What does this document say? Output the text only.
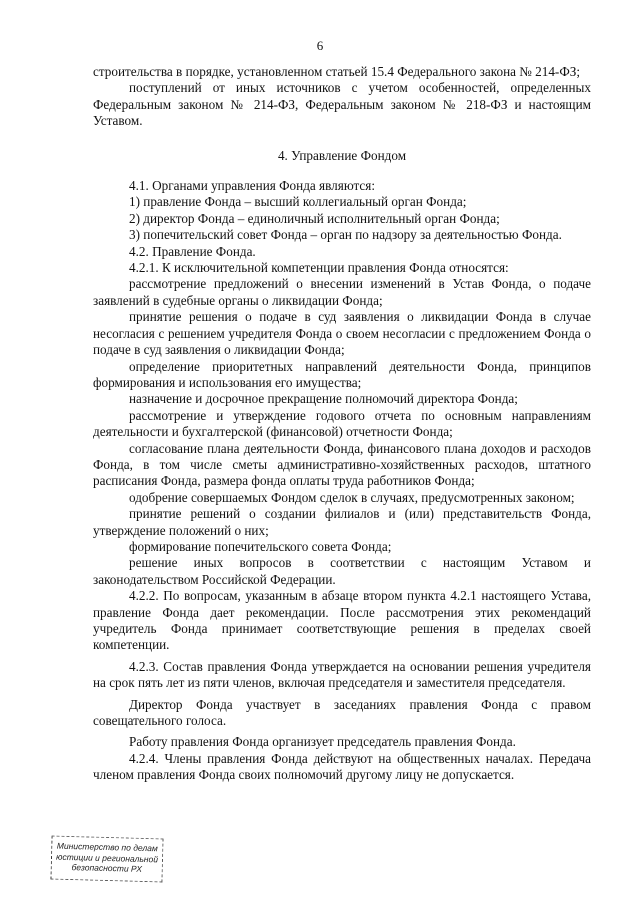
6

строительства в порядке, установленном статьей 15.4 Федерального закона № 214-ФЗ;

поступлений от иных источников с учетом особенностей, определенных Федеральным законом № 214-ФЗ, Федеральным законом № 218-ФЗ и настоящим Уставом.

4. Управление Фондом

4.1. Органами управления Фонда являются:

1) правление Фонда – высший коллегиальный орган Фонда;

2) директор Фонда – единоличный исполнительный орган Фонда;

3) попечительский совет Фонда – орган по надзору за деятельностью Фонда.

4.2. Правление Фонда.

4.2.1. К исключительной компетенции правления Фонда относятся:

рассмотрение предложений о внесении изменений в Устав Фонда, о подаче заявлений в судебные органы о ликвидации Фонда;

принятие решения о подаче в суд заявления о ликвидации Фонда в случае несогласия с решением учредителя Фонда о своем несогласии с предложением Фонда о подаче в суд заявления о ликвидации Фонда;

определение приоритетных направлений деятельности Фонда, принципов формирования и использования его имущества;

назначение и досрочное прекращение полномочий директора Фонда;

рассмотрение и утверждение годового отчета по основным направлениям деятельности и бухгалтерской (финансовой) отчетности Фонда;

согласование плана деятельности Фонда, финансового плана доходов и расходов Фонда, в том числе сметы административно-хозяйственных расходов, штатного расписания Фонда, размера фонда оплаты труда работников Фонда;

одобрение совершаемых Фондом сделок в случаях, предусмотренных законом;

принятие решений о создании филиалов и (или) представительств Фонда, утверждение положений о них;

формирование попечительского совета Фонда;

решение иных вопросов в соответствии с настоящим Уставом и законодательством Российской Федерации.

4.2.2. По вопросам, указанным в абзаце втором пункта 4.2.1 настоящего Устава, правление Фонда дает рекомендации. После рассмотрения этих рекомендаций учредитель Фонда принимает соответствующие решения в пределах своей компетенции.

4.2.3. Состав правления Фонда утверждается на основании решения учредителя на срок пять лет из пяти членов, включая председателя и заместителя председателя.

Директор Фонда участвует в заседаниях правления Фонда с правом совещательного голоса.

Работу правления Фонда организует председатель правления Фонда.

4.2.4. Члены правления Фонда действуют на общественных началах. Передача членом правления Фонда своих полномочий другому лицу не допускается.

Министерство по делам
юстиции и региональной
безопасности РХ
